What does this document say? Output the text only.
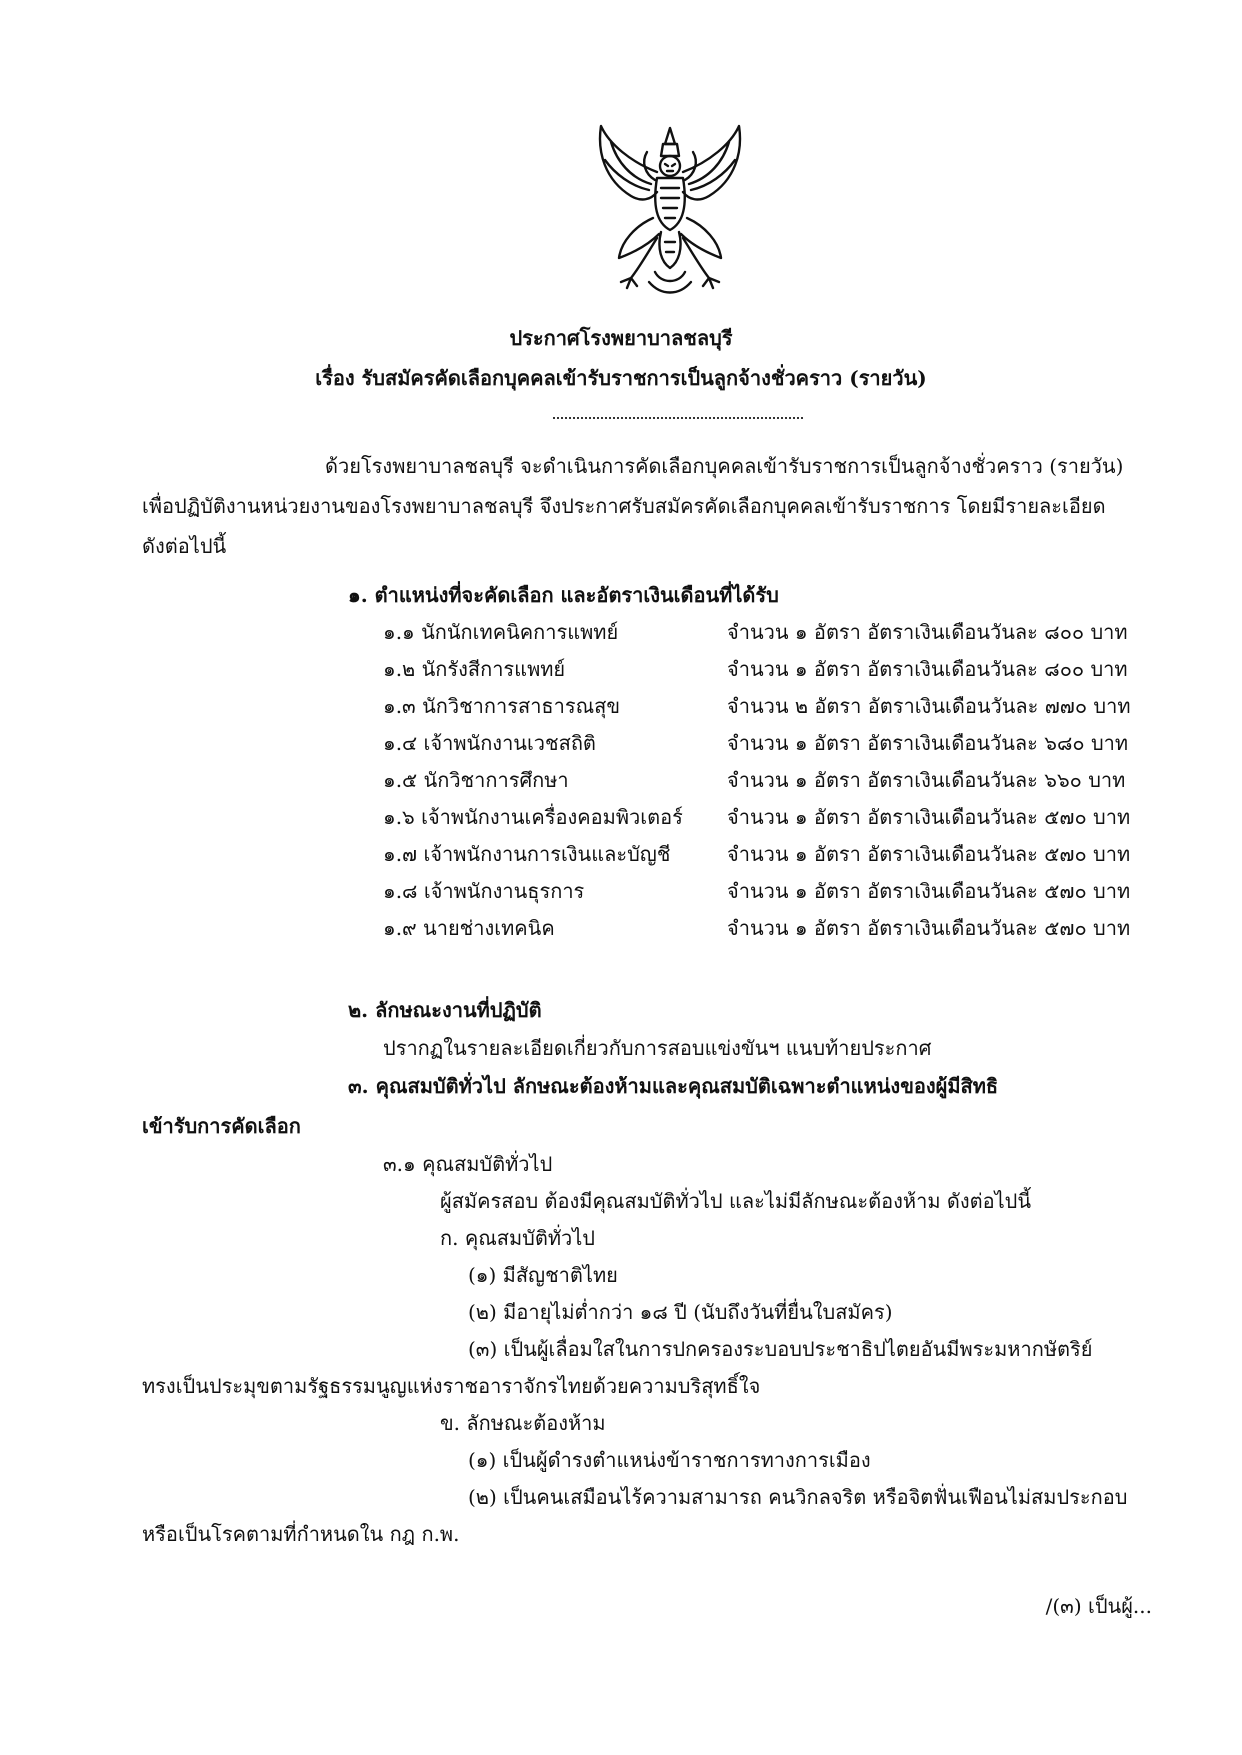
ประกาศโรงพยาบาลชลบุรี
เรื่อง รับสมัครคัดเลือกบุคคลเข้ารับราชการเป็นลูกจ้างชั่วคราว (รายวัน)
ด้วยโรงพยาบาลชลบุรี จะดำเนินการคัดเลือกบุคคลเข้ารับราชการเป็นลูกจ้างชั่วคราว (รายวัน)
เพื่อปฏิบัติงานหน่วยงานของโรงพยาบาลชลบุรี จึงประกาศรับสมัครคัดเลือกบุคคลเข้ารับราชการ โดยมีรายละเอียด
ดังต่อไปนี้
๑. ตำแหน่งที่จะคัดเลือก และอัตราเงินเดือนที่ได้รับ
๑.๑ นักนักเทคนิคการแพทย์	จำนวน ๑ อัตรา อัตราเงินเดือนวันละ ๘๐๐ บาท
๑.๒ นักรังสีการแพทย์	จำนวน ๑ อัตรา อัตราเงินเดือนวันละ ๘๐๐ บาท
๑.๓ นักวิชาการสาธารณสุข	จำนวน ๒ อัตรา อัตราเงินเดือนวันละ ๗๗๐ บาท
๑.๔ เจ้าพนักงานเวชสถิติ	จำนวน ๑ อัตรา อัตราเงินเดือนวันละ ๖๘๐ บาท
๑.๕ นักวิชาการศึกษา	จำนวน ๑ อัตรา อัตราเงินเดือนวันละ ๖๖๐ บาท
๑.๖ เจ้าพนักงานเครื่องคอมพิวเตอร์ จำนวน ๑ อัตรา อัตราเงินเดือนวันละ ๕๗๐ บาท
๑.๗ เจ้าพนักงานการเงินและบัญชี	จำนวน ๑ อัตรา อัตราเงินเดือนวันละ ๕๗๐ บาท
๑.๘ เจ้าพนักงานธุรการ	จำนวน ๑ อัตรา อัตราเงินเดือนวันละ ๕๗๐ บาท
๑.๙ นายช่างเทคนิค	จำนวน ๑ อัตรา อัตราเงินเดือนวันละ ๕๗๐ บาท
๒. ลักษณะงานที่ปฏิบัติ
ปรากฏในรายละเอียดเกี่ยวกับการสอบแข่งขันฯ แนบท้ายประกาศ
๓. คุณสมบัติทั่วไป ลักษณะต้องห้ามและคุณสมบัติเฉพาะตำแหน่งของผู้มีสิทธิ
เข้ารับการคัดเลือก
๓.๑ คุณสมบัติทั่วไป
ผู้สมัครสอบ ต้องมีคุณสมบัติทั่วไป และไม่มีลักษณะต้องห้าม ดังต่อไปนี้
ก. คุณสมบัติทั่วไป
(๑) มีสัญชาติไทย
(๒) มีอายุไม่ต่ำกว่า ๑๘ ปี (นับถึงวันที่ยื่นใบสมัคร)
(๓) เป็นผู้เลื่อมใสในการปกครองระบอบประชาธิปไตยอันมีพระมหากษัตริย์
ทรงเป็นประมุขตามรัฐธรรมนูญแห่งราชอาราจักรไทยด้วยความบริสุทธิ์ใจ
ข. ลักษณะต้องห้าม
(๑) เป็นผู้ดำรงตำแหน่งข้าราชการทางการเมือง
(๒) เป็นคนเสมือนไร้ความสามารถ คนวิกลจริต หรือจิตฟั่นเฟือนไม่สมประกอบ
หรือเป็นโรคตามที่กำหนดใน กฎ ก.พ.
/(๓) เป็นผู้...
